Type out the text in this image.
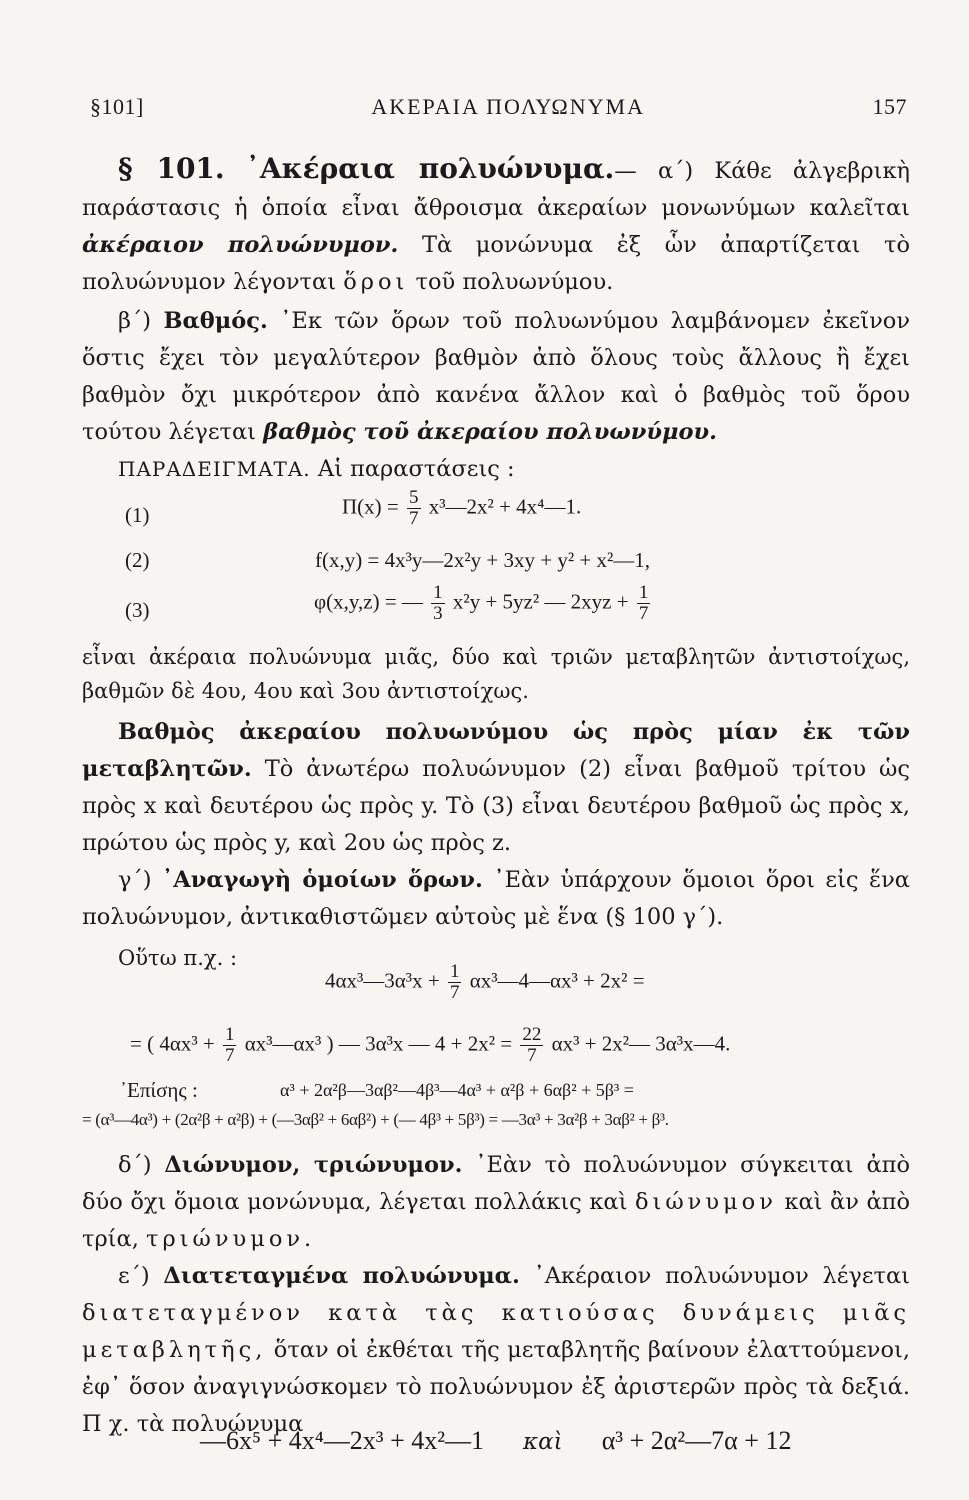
§101]	ΑΚΕΡΑΙΑ ΠΟΛΥΩΝΥΜΑ	157

§ 101. ᾿Ακέραια πολυώνυμα.— α΄) Κάθε ἀλγεβρικὴ παράστασις ἡ ὁποία εἶναι ἄθροισμα ἀκεραίων μονωνύμων καλεῖται ἀκέραιον πολυώνυμον. Τὰ μονώνυμα ἐξ ὧν ἀπαρτίζεται τὸ πολυώνυμον λέγονται ὅροι τοῦ πολυωνύμου.

β΄) Βαθμός. ᾿Εκ τῶν ὅρων τοῦ πολυωνύμου λαμβάνομεν ἐκεῖνον ὅστις ἔχει τὸν μεγαλύτερον βαθμὸν ἀπὸ ὅλους τοὺς ἄλλους ἢ ἔχει βαθμὸν ὄχι μικρότερον ἀπὸ κανένα ἄλλον καὶ ὁ βαθμὸς τοῦ ὅρου τούτου λέγεται βαθμὸς τοῦ ἀκεραίου πολυωνύμου.

ΠΑΡΑΔΕΙΓΜΑΤΑ. Αἱ παραστάσεις :

(1)	$\Pi(x) = \frac{5}{7}$ x³—2x² + 4x⁴—1.
(2)	f(x,y) = 4x³y—2x²y + 3xy + y² + x²—1,
(3)	φ(x,y,z) = — $\frac{1}{3} x^2y + 5yz^2$ — $2xyz + \frac{1}{7}$

εἶναι ἀκέραια πολυώνυμα μιᾶς, δύο καὶ τριῶν μεταβλητῶν ἀντιστοίχως, βαθμῶν δὲ 4ου, 4ου καὶ 3ου ἀντιστοίχως.

Βαθμὸς ἀκεραίου πολυωνύμου ὡς πρὸς μίαν ἐκ τῶν μεταβλητῶν. Τὸ ἀνωτέρω πολυώνυμον (2) εἶναι βαθμοῦ τρίτου ὡς πρὸς x καὶ δευτέρου ὡς πρὸς y. Τὸ (3) εἶναι δευτέρου βαθμοῦ ὡς πρὸς x, πρώτου ὡς πρὸς y, καὶ 2ου ὡς πρὸς z.

γ΄) ᾿Αναγωγὴ ὁμοίων ὅρων. ᾿Εὰν ὑπάρχουν ὅμοιοι ὅροι εἰς ἕνα πολυώνυμον, ἀντικαθιστῶμεν αὐτοὺς μὲ ἕνα (§ 100 γ΄).

Οὕτω π.χ. :

4αx³—3α³x + $\frac{1}{7}$ αx³—4—αx³ + 2x² =
= ( $4\alpha x^3 + \frac{1}{7}$ αx³—αx³ ) — 3α³x — $4 + 2x^2 = \frac{22}{7} \alpha x^3$ + 2x²— 3α³x—4.
᾿Επίσης :	α³ + 2α²β—3αβ²—4β³—4α³ + α²β + 6αβ² + 5β³ =
= (α³—4α³) + (2α²β + α²β) + (—3αβ² + 6αβ²) + (— 4β³ + 5β³) = —3α³ + 3α²β + 3αβ² + β³.

δ΄) Διώνυμον, τριώνυμον. ᾿Εὰν τὸ πολυώνυμον σύγκειται ἀπὸ δύο ὄχι ὅμοια μονώνυμα, λέγεται πολλάκις καὶ διώνυμον καὶ ἂν ἀπὸ τρία, τριώνυμον.

ε΄) Διατεταγμένα πολυώνυμα. ᾿Ακέραιον πολυώνυμον λέγεται διατεταγμένον κατὰ τὰς κατιούσας δυνάμεις μιᾶς μεταβλητῆς, ὅταν οἱ ἐκθέται τῆς μεταβλητῆς βαίνουν ἐλαττούμενοι, ἐφ᾿ ὅσον ἀναγιγνώσκομεν τὸ πολυώνυμον ἐξ ἀριστερῶν πρὸς τὰ δεξιά. Π χ. τὰ πολυώνυμα

—6x⁵ + 4x⁴—2x³ + 4x²—1 καὶ α³ + 2α²—7α + 12
